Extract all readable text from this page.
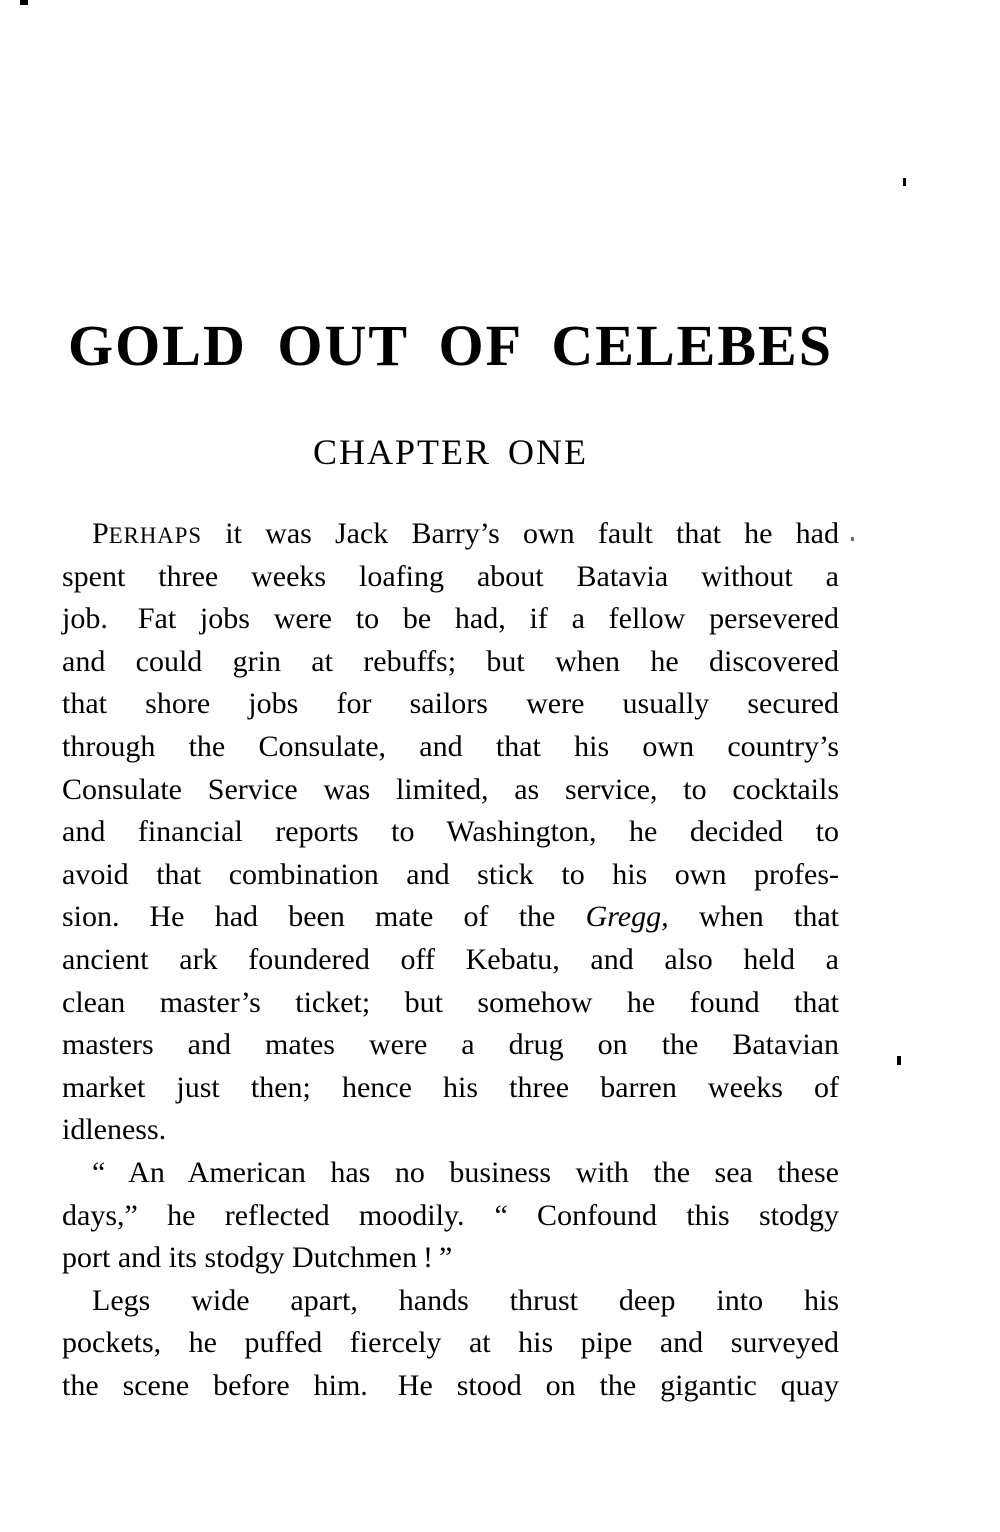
GOLD OUT OF CELEBES
CHAPTER ONE
PERHAPS it was Jack Barry’s own fault that he had
spent three weeks loafing about Batavia without a
job. Fat jobs were to be had, if a fellow persevered
and could grin at rebuffs; but when he discovered
that shore jobs for sailors were usually secured
through the Consulate, and that his own country’s
Consulate Service was limited, as service, to cocktails
and financial reports to Washington, he decided to
avoid that combination and stick to his own profes-
sion. He had been mate of the Gregg, when that
ancient ark foundered off Kebatu, and also held a
clean master’s ticket; but somehow he found that
masters and mates were a drug on the Batavian
market just then; hence his three barren weeks of
idleness.
“ An American has no business with the sea these
days,” he reflected moodily. “ Confound this stodgy
port and its stodgy Dutchmen ! ”
Legs wide apart, hands thrust deep into his
pockets, he puffed fiercely at his pipe and surveyed
the scene before him. He stood on the gigantic quay
